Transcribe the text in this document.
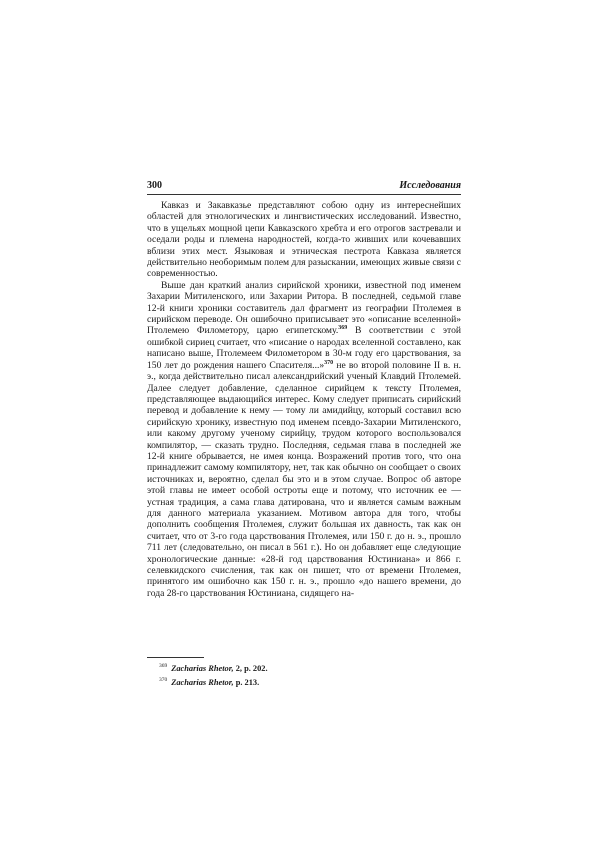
300	Исследования

Кавказ и Закавказье представляют собою одну из интереснейших областей для этнологических и лингвистических исследований. Известно, что в ущельях мощной цепи Кавказского хребта и его отрогов застревали и оседали роды и племена народностей, когда-то живших или кочевавших вблизи этих мест. Языковая и этническая пестрота Кавказа является действительно необоримым полем для разыскании, имеющих живые связи с современностью.

Выше дан краткий анализ сирийской хроники, известной под именем Захарии Митиленского, или Захарии Ритора. В последней, седьмой главе 12-й книги хроники составитель дал фрагмент из географии Птолемея в сирийском переводе. Он ошибочно приписывает это «описание вселенной» Птолемею Филометору, царю египетскому.$^{369}$ В соответствии с этой ошибкой сириец считает, что «писание о народах вселенной составлено, как написано выше, Птолемеем Филометором в 30-м году его царствования, за 150 лет до рождения нашего Спасителя...»$^{370}$ не во второй половине II в. н. э., когда действительно писал александрийский ученый Клавдий Птолемей. Далее следует добавление, сделанное сирийцем к тексту Птолемея, представляющее выдающийся интерес. Кому следует приписать сирийский перевод и добавление к нему — тому ли амидийцу, который составил всю сирийскую хронику, известную под именем псевдо-Захарии Митиленского, или какому другому ученому сирийцу, трудом которого воспользовался компилятор, — сказать трудно. Последняя, седьмая глава в последней же 12-й книге обрывается, не имея конца. Возражений против того, что она принадлежит самому компилятору, нет, так как обычно он сообщает о своих источниках и, вероятно, сделал бы это и в этом случае. Вопрос об авторе этой главы не имеет особой остроты еще и потому, что источник ее — устная традиция, а сама глава датирована, что и является самым важным для данного материала указанием. Мотивом автора для того, чтобы дополнить сообщения Птолемея, служит большая их давность, так как он считает, что от 3-го года царствования Птолемея, или 150 г. до н. э., прошло 711 лет (следовательно, он писал в 561 г.). Но он добавляет еще следующие хронологические данные: «28-й год царствования Юстиниана» и 866 г. селевкидского счисления, так как он пишет, что от времени Птолемея, принятого им ошибочно как 150 г. н. э., прошло «до нашего времени, до года 28-го царствования Юстиниана, сидящего на-

$^{369}$ Zacharias Rhetor, 2, p. 202.
$^{370}$ Zacharias Rhetor, p. 213.
